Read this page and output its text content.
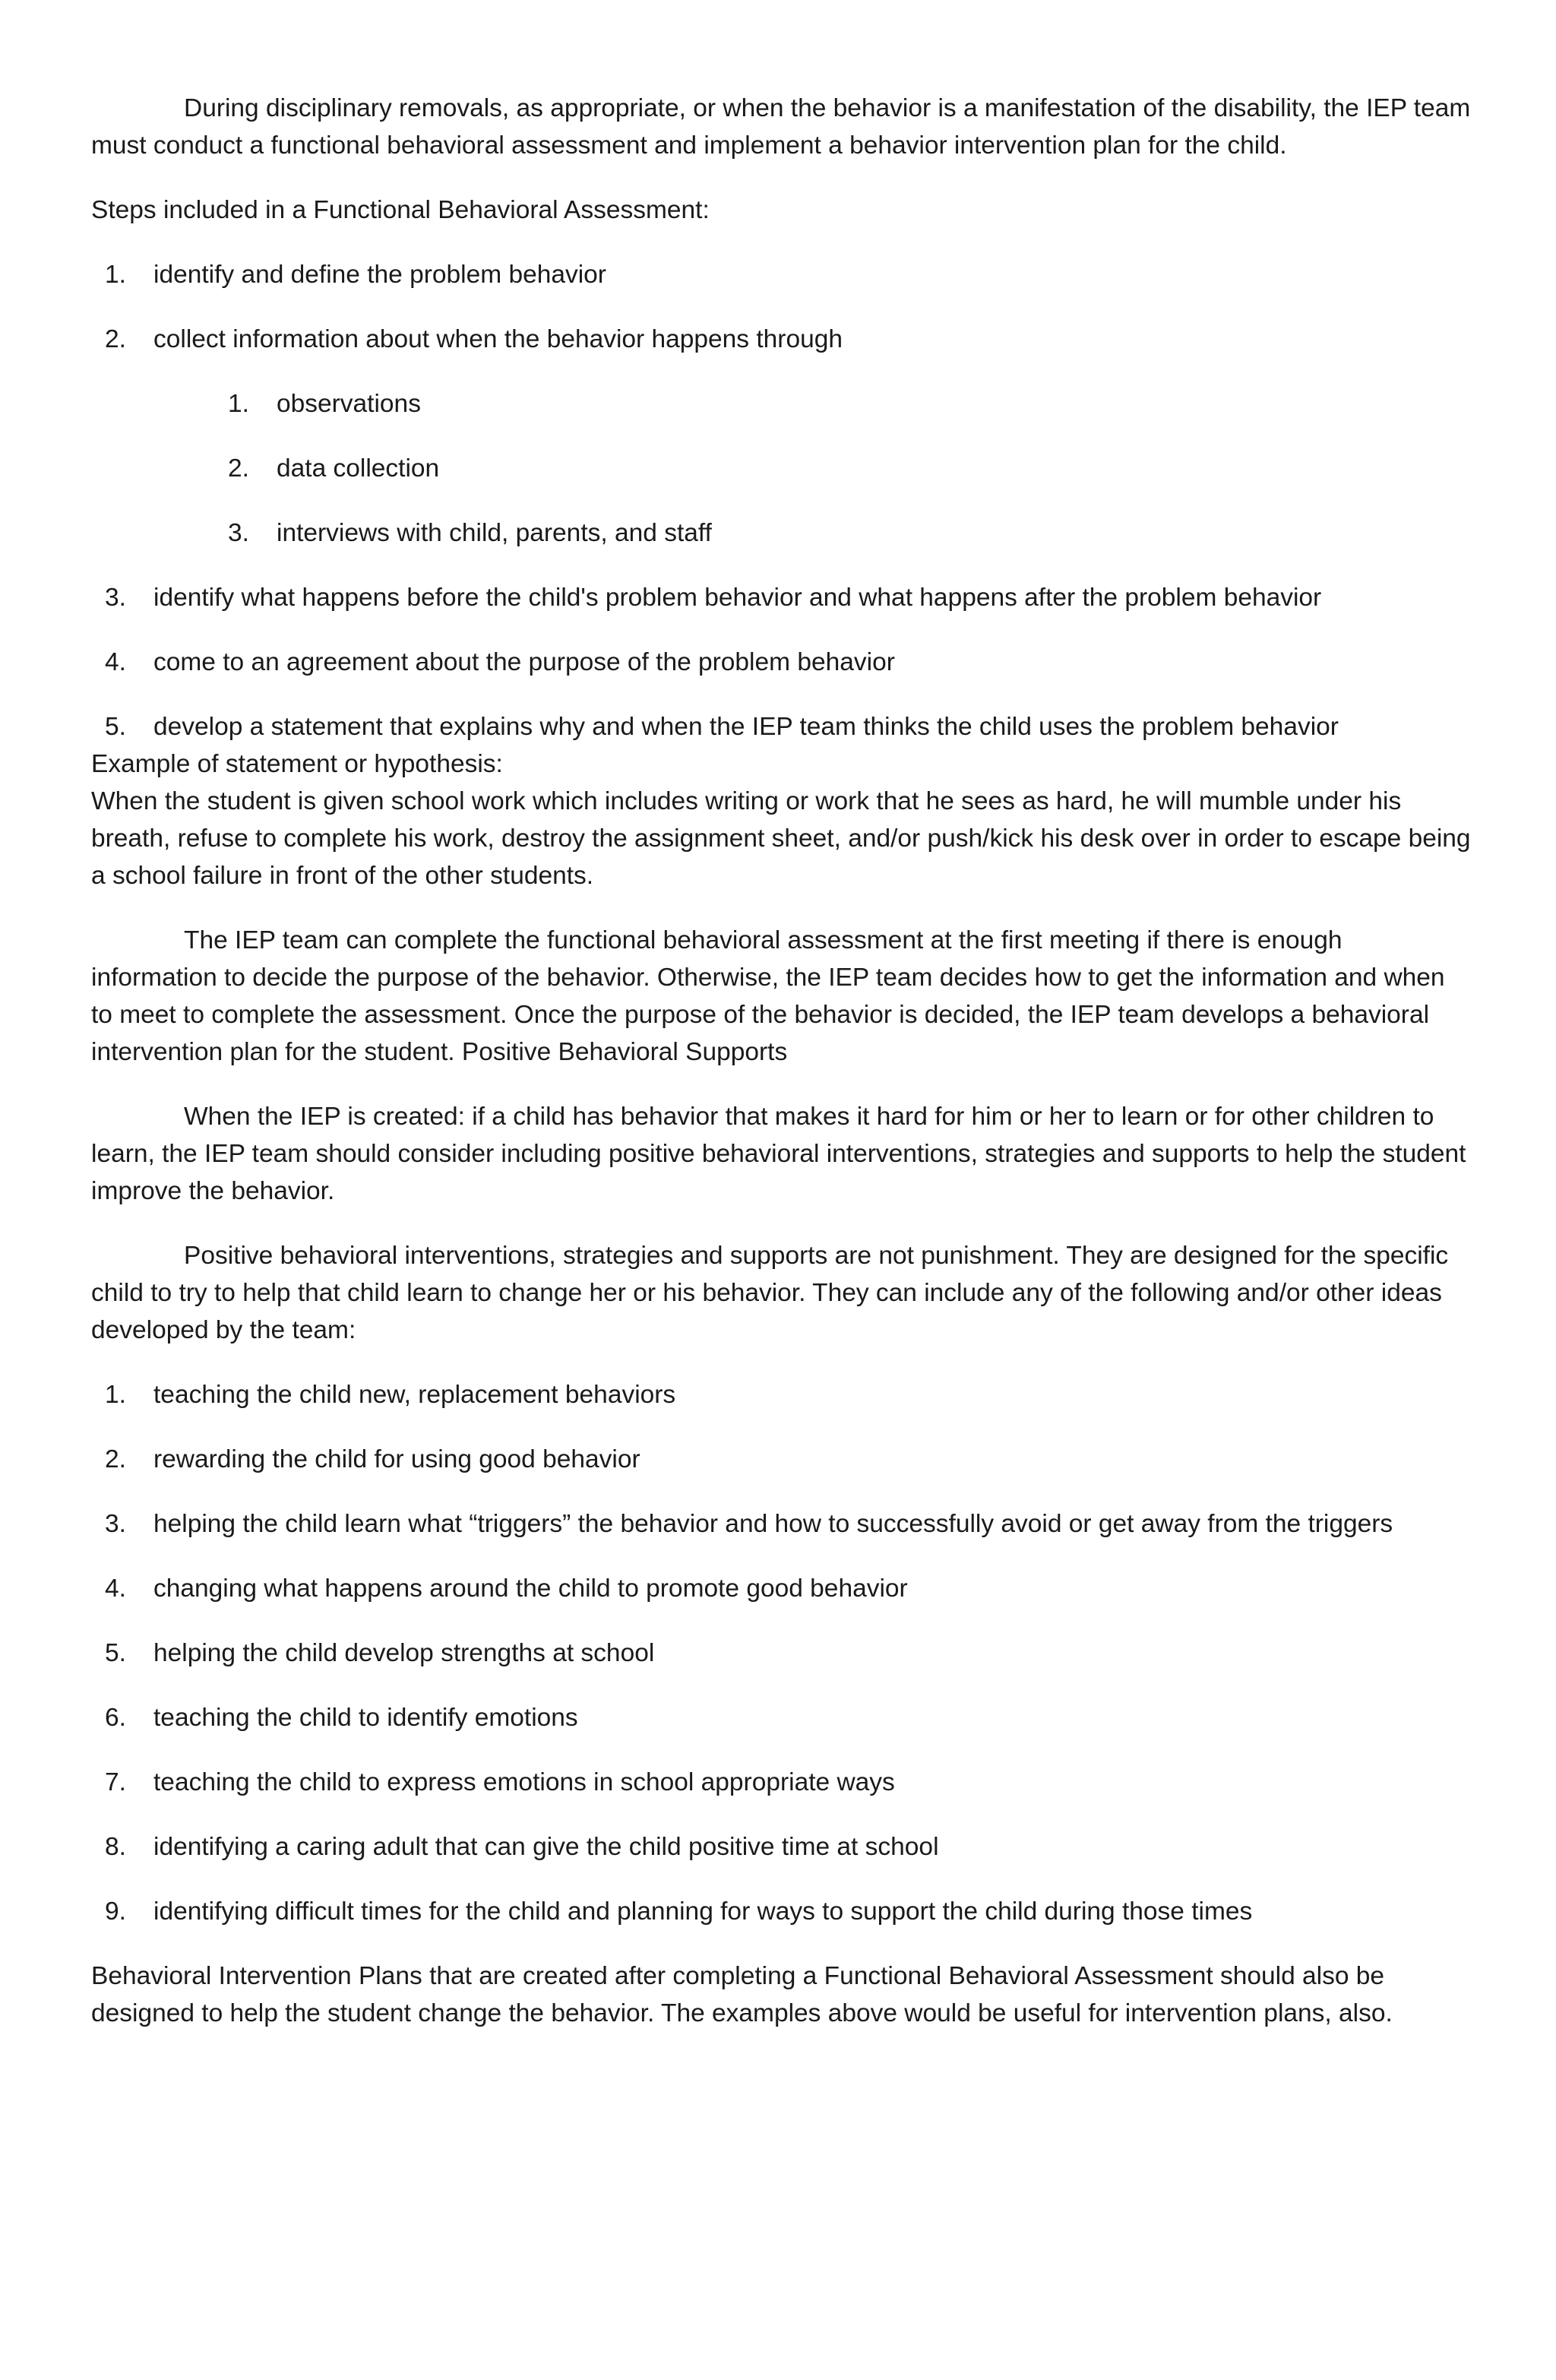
During disciplinary removals, as appropriate, or when the behavior is a manifestation of the disability, the IEP team must conduct a functional behavioral assessment and implement a behavior intervention plan for the child.

Steps included in a Functional Behavioral Assessment:

1. identify and define the problem behavior
2. collect information about when the behavior happens through
1. observations
2. data collection
3. interviews with child, parents, and staff
3. identify what happens before the child's problem behavior and what happens after the problem behavior
4. come to an agreement about the purpose of the problem behavior
5. develop a statement that explains why and when the IEP team thinks the child uses the problem behavior

Example of statement or hypothesis:

When the student is given school work which includes writing or work that he sees as hard, he will mumble under his breath, refuse to complete his work, destroy the assignment sheet, and/or push/kick his desk over in order to escape being a school failure in front of the other students.

The IEP team can complete the functional behavioral assessment at the first meeting if there is enough information to decide the purpose of the behavior. Otherwise, the IEP team decides how to get the information and when to meet to complete the assessment. Once the purpose of the behavior is decided, the IEP team develops a behavioral intervention plan for the student. Positive Behavioral Supports

When the IEP is created: if a child has behavior that makes it hard for him or her to learn or for other children to learn, the IEP team should consider including positive behavioral interventions, strategies and supports to help the student improve the behavior.

Positive behavioral interventions, strategies and supports are not punishment. They are designed for the specific child to try to help that child learn to change her or his behavior. They can include any of the following and/or other ideas developed by the team:

1. teaching the child new, replacement behaviors
2. rewarding the child for using good behavior
3. helping the child learn what “triggers” the behavior and how to successfully avoid or get away from the triggers
4. changing what happens around the child to promote good behavior
5. helping the child develop strengths at school
6. teaching the child to identify emotions
7. teaching the child to express emotions in school appropriate ways
8. identifying a caring adult that can give the child positive time at school
9. identifying difficult times for the child and planning for ways to support the child during those times

Behavioral Intervention Plans that are created after completing a Functional Behavioral Assessment should also be designed to help the student change the behavior. The examples above would be useful for intervention plans, also.
